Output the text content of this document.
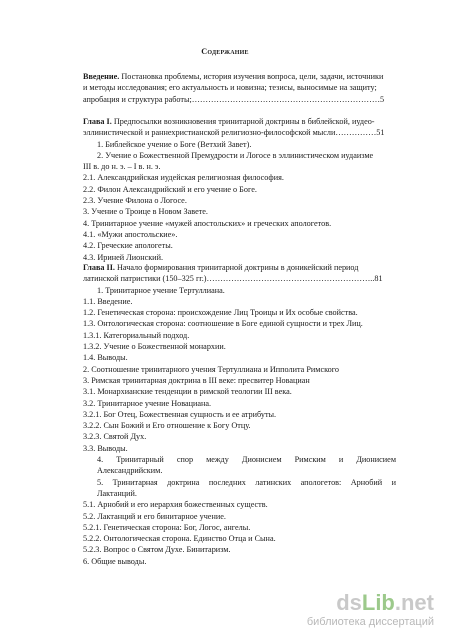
Содержание
Введение. Постановка проблемы, история изучения вопроса, цели, задачи, источники
и методы исследования; его актуальность и новизна; тезисы, выносимые на защиту;
апробация и структура работы;……………………………………………………………5
Глава I. Предпосылки возникновения тринитарной доктрины в библейской, иудео-
эллинистической и раннехристианской религиозно-философской мысли……………51
1. Библейское учение о Боге (Ветхий Завет).
2. Учение о Божественной Премудрости и Логосе в эллинистическом иудаизме
III в. до н. э. – I в. н. э.
2.1. Александрийская иудейская религиозная философия.
2.2. Филон Александрийский и его учение о Боге.
2.3. Учение Филона о Логосе.
3. Учение о Троице в Новом Завете.
4. Тринитарное учение «мужей апостольских» и греческих апологетов.
4.1. «Мужи апостольские».
4.2. Греческие апологеты.
4.3. Ириней Лионский.
Глава II. Начало формирования тринитарной доктрины в доникейский период
латинской патристики (150–325 гг.)……………………………………………………..81
1. Тринитарное учение Тертуллиана.
1.1. Введение.
1.2. Генетическая сторона: происхождение Лиц Троицы и Их особые свойства.
1.3. Онтологическая сторона: соотношение в Боге единой сущности и трех Лиц.
1.3.1. Категориальный подход.
1.3.2. Учение о Божественной монархии.
1.4. Выводы.
2. Соотношение тринитарного учения Тертуллиана и Ипполита Римского
3. Римская тринитарная доктрина в III веке: пресвитер Новациан
3.1. Монархианские тенденции в римской теологии III века.
3.2. Тринитарное учение Новациана.
3.2.1. Бог Отец, Божественная сущность и ее атрибуты.
3.2.2. Сын Божий и Его отношение к Богу Отцу.
3.2.3. Святой Дух.
3.3. Выводы.
4. Тринитарный спор между Дионисием Римским и Дионисием Александрийским.
5. Тринитарная доктрина последних латинских апологетов: Арнобий и Лактанций.
5.1. Арнобий и его иерархия божественных существ.
5.2. Лактанций и его бинитарное учение.
5.2.1. Генетическая сторона: Бог, Логос, ангелы.
5.2.2. Онтологическая сторона. Единство Отца и Сына.
5.2.3. Вопрос о Святом Духе. Бинитаризм.
6. Общие выводы.
dsLib.net
библиотека диссертаций
